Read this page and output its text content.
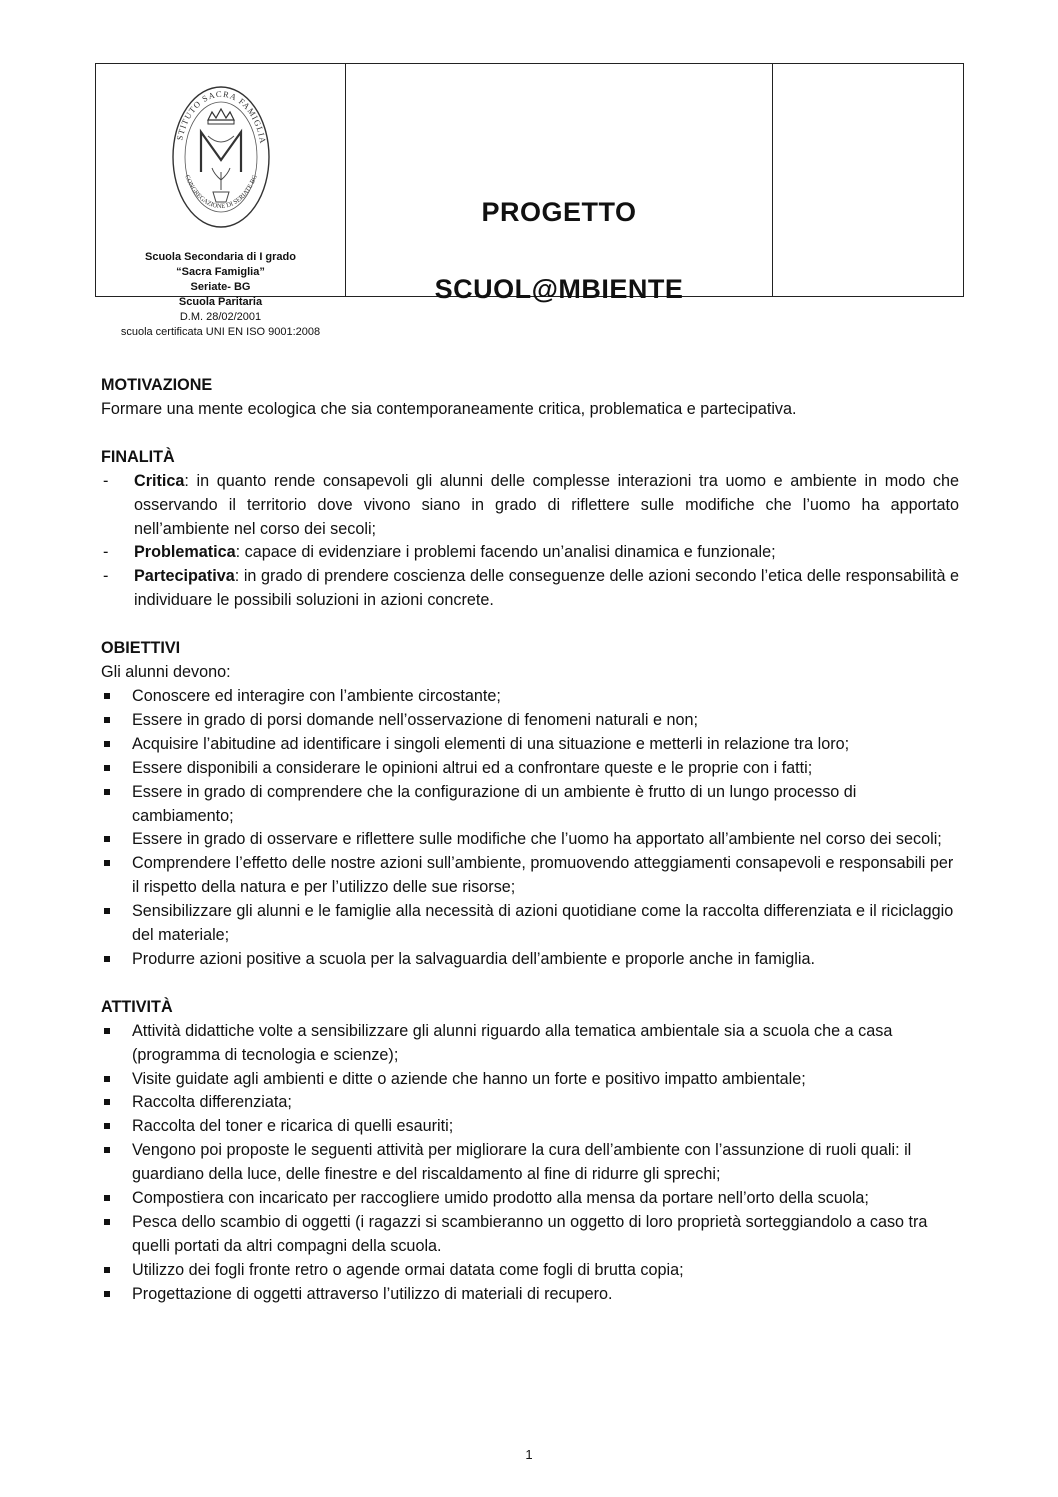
STITUTO SACRA FAMIGLIA
CONGREGAZIONE DI SERIATE BG
Scuola Secondaria di I grado
“Sacra Famiglia”
Seriate- BG
Scuola Paritaria
D.M. 28/02/2001
scuola certificata UNI EN ISO 9001:2008
PROGETTO
SCUOL@MBIENTE
MOTIVAZIONE
Formare una mente ecologica che sia contemporaneamente critica, problematica e partecipativa.
FINALITÀ
-	Critica: in quanto rende consapevoli gli alunni delle complesse interazioni tra uomo e ambiente in modo che osservando il territorio dove vivono siano in grado di riflettere sulle modifiche che l’uomo ha apportato nell’ambiente nel corso dei secoli;
-	Problematica: capace di evidenziare i problemi facendo un’analisi dinamica e funzionale;
-	Partecipativa: in grado di prendere coscienza delle conseguenze delle azioni secondo l’etica delle responsabilità e individuare le possibili soluzioni in azioni concrete.
OBIETTIVI
Gli alunni devono:
Conoscere ed interagire con l’ambiente circostante;
Essere in grado di porsi domande nell’osservazione di fenomeni naturali e non;
Acquisire l’abitudine ad identificare i singoli elementi di una situazione e metterli in relazione tra loro;
Essere disponibili a considerare le opinioni altrui ed a confrontare queste e le proprie con i fatti;
Essere in grado di comprendere che la configurazione di un ambiente è frutto di un lungo processo di cambiamento;
Essere in grado di osservare e riflettere sulle modifiche che l’uomo ha apportato all’ambiente nel corso dei secoli;
Comprendere l’effetto delle nostre azioni sull’ambiente, promuovendo atteggiamenti consapevoli e responsabili per il rispetto della natura e per l’utilizzo delle sue risorse;
Sensibilizzare gli alunni e le famiglie alla necessità di azioni quotidiane come la raccolta differenziata e il riciclaggio del materiale;
Produrre azioni positive a scuola per la salvaguardia dell’ambiente e proporle anche in famiglia.
ATTIVITÀ
Attività didattiche volte a sensibilizzare gli alunni riguardo alla tematica ambientale sia a scuola che a casa (programma di tecnologia e scienze);
Visite guidate agli ambienti e ditte o aziende che hanno un forte e positivo impatto ambientale;
Raccolta differenziata;
Raccolta del toner e ricarica di quelli esauriti;
Vengono poi proposte le seguenti attività per migliorare la cura dell’ambiente con l’assunzione di ruoli quali: il guardiano della luce, delle finestre e del riscaldamento al fine di ridurre gli sprechi;
Compostiera con incaricato per raccogliere umido prodotto alla mensa da portare nell’orto della scuola;
Pesca dello scambio di oggetti (i ragazzi si scambieranno un oggetto di loro proprietà sorteggiandolo a caso tra quelli portati da altri compagni della scuola.
Utilizzo dei fogli fronte retro o agende ormai datata come fogli di brutta copia;
Progettazione di oggetti attraverso l’utilizzo di materiali di recupero.
1
